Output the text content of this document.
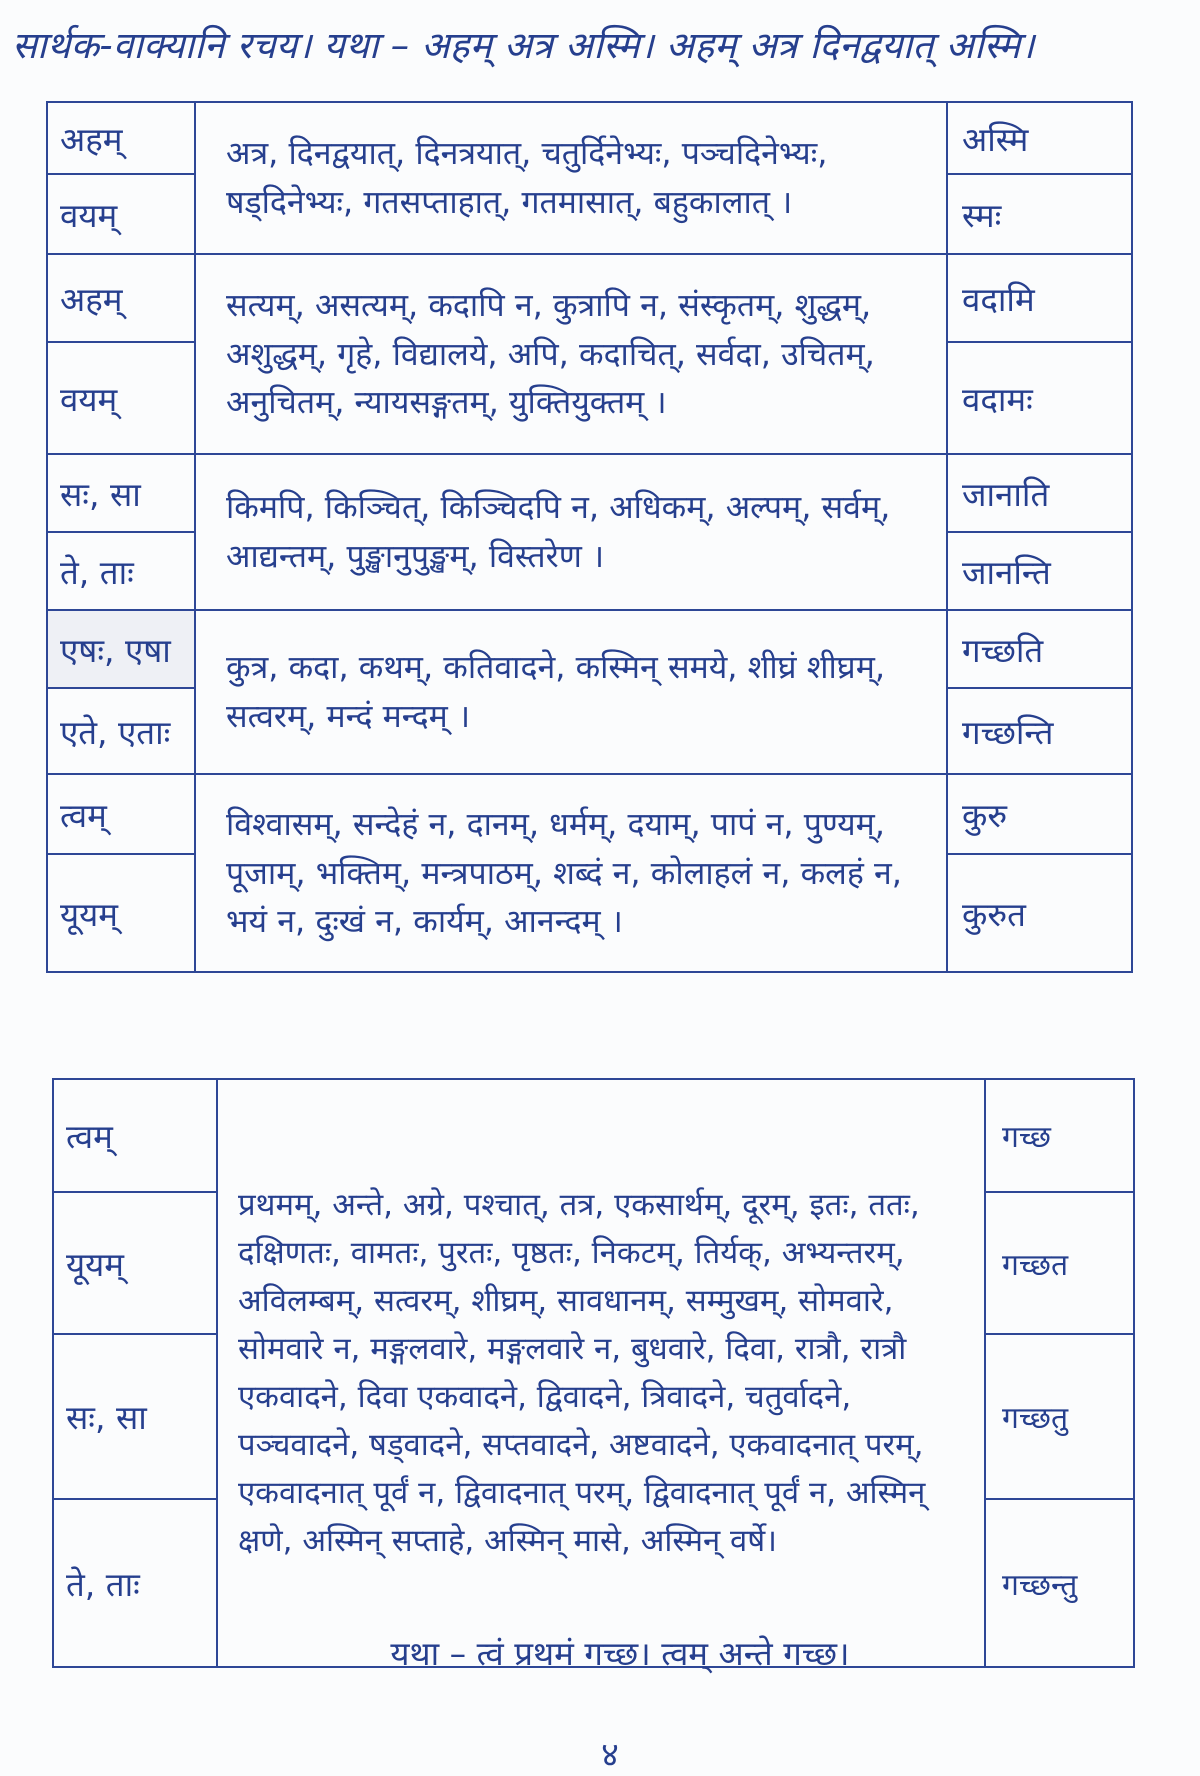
सार्थक-वाक्यानि रचय। यथा – अहम् अत्र अस्मि। अहम् अत्र दिनद्वयात् अस्मि।
अहम्	अत्र, दिनद्वयात्, दिनत्रयात्, चतुर्दिनेभ्यः, पञ्चदिनेभ्यः, षड्दिनेभ्यः, गतसप्ताहात्, गतमासात्, बहुकालात् ।	अस्मि
वयम्		स्मः
अहम्	सत्यम्, असत्यम्, कदापि न, कुत्रापि न, संस्कृतम्, शुद्धम्, अशुद्धम्, गृहे, विद्यालये, अपि, कदाचित्, सर्वदा, उचितम्, अनुचितम्, न्यायसङ्गतम्, युक्तियुक्तम् ।	वदामि
वयम्		वदामः
सः, सा	किमपि, किञ्चित्, किञ्चिदपि न, अधिकम्, अल्पम्, सर्वम्, आद्यन्तम्, पुङ्खानुपुङ्खम्, विस्तरेण ।	जानाति
ते, ताः		जानन्ति
एषः, एषा	कुत्र, कदा, कथम्, कतिवादने, कस्मिन् समये, शीघ्रं शीघ्रम्, सत्वरम्, मन्दं मन्दम् ।	गच्छति
एते, एताः		गच्छन्ति
त्वम्	विश्वासम्, सन्देहं न, दानम्, धर्मम्, दयाम्, पापं न, पुण्यम्, पूजाम्, भक्तिम्, मन्त्रपाठम्, शब्दं न, कोलाहलं न, कलहं न, भयं न, दुःखं न, कार्यम्, आनन्दम् ।	कुरु
यूयम्		कुरुत
त्वम्	प्रथमम्, अन्ते, अग्रे, पश्चात्, तत्र, एकसार्थम्, दूरम्, इतः, ततः, दक्षिणतः, वामतः, पुरतः, पृष्ठतः, निकटम्, तिर्यक्, अभ्यन्तरम्, अविलम्बम्, सत्वरम्, शीघ्रम्, सावधानम्, सम्मुखम्, सोमवारे, सोमवारे न, मङ्गलवारे, मङ्गलवारे न, बुधवारे, दिवा, रात्रौ, रात्रौ एकवादने, दिवा एकवादने, द्विवादने, त्रिवादने, चतुर्वादने, पञ्चवादने, षड्वादने, सप्तवादने, अष्टवादने, एकवादनात् परम्, एकवादनात् पूर्वं न, द्विवादनात् परम्, द्विवादनात् पूर्वं न, अस्मिन् क्षणे, अस्मिन् सप्ताहे, अस्मिन् मासे, अस्मिन् वर्षे।	गच्छ
यूयम्		गच्छत
सः, सा		गच्छतु
ते, ताः		गच्छन्तु
यथा – त्वं प्रथमं गच्छ। त्वम् अन्ते गच्छ।
४
